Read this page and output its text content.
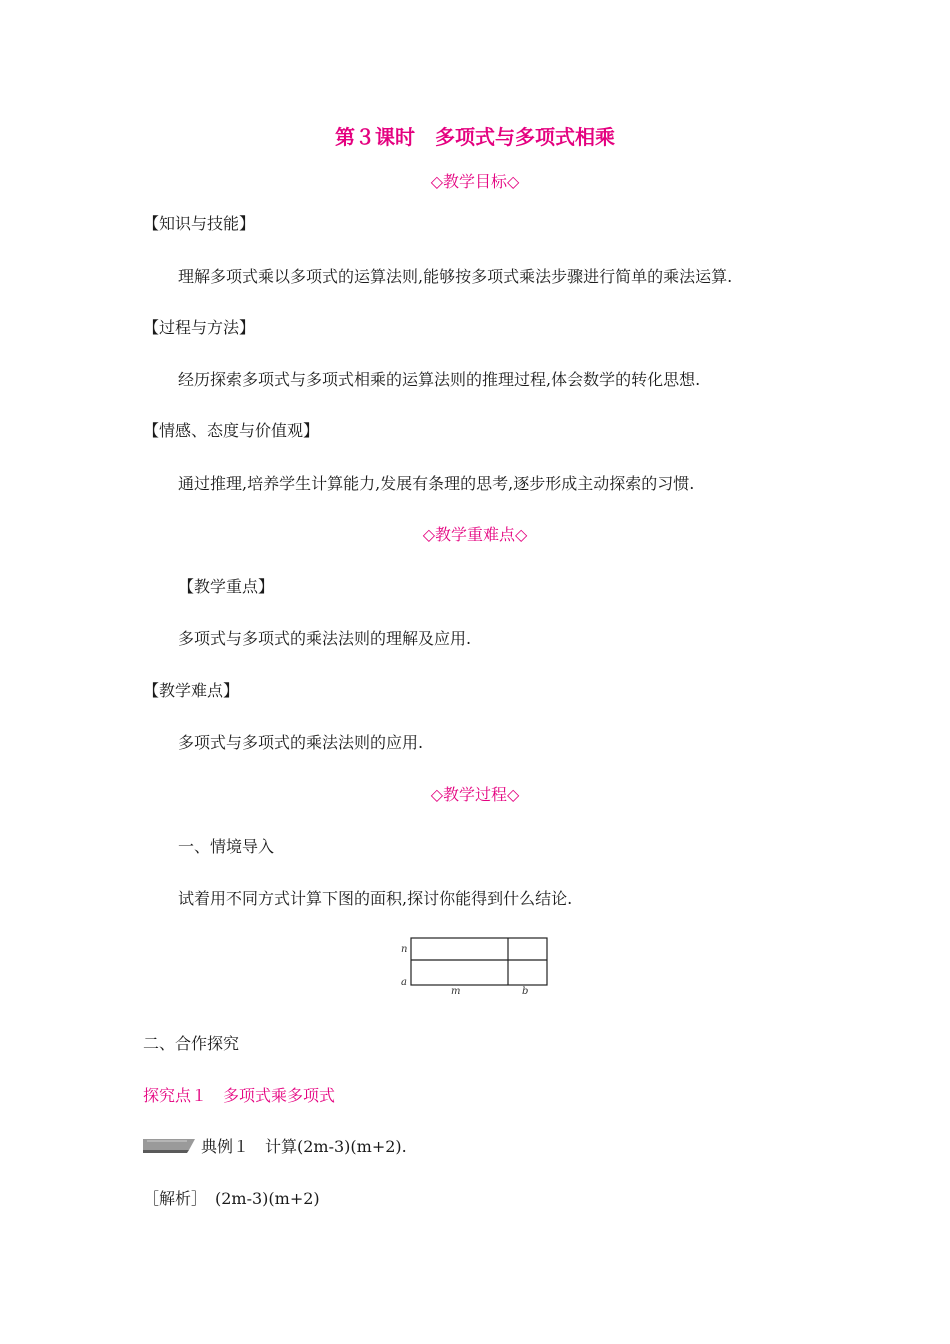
第３课时　多项式与多项式相乘
◇教学目标◇
【知识与技能】
理解多项式乘以多项式的运算法则,能够按多项式乘法步骤进行简单的乘法运算.
【过程与方法】
经历探索多项式与多项式相乘的运算法则的推理过程,体会数学的转化思想.
【情感、态度与价值观】
通过推理,培养学生计算能力,发展有条理的思考,逐步形成主动探索的习惯.
◇教学重难点◇
【教学重点】
多项式与多项式的乘法法则的理解及应用.
【教学难点】
多项式与多项式的乘法法则的应用.
◇教学过程◇
一、情境导入
试着用不同方式计算下图的面积,探讨你能得到什么结论.
n
a
m	b
二、合作探究
探究点１　多项式乘多项式
典例１　计算(2m-3)(m+2).
［解析］　(2m-3)(m+2)
